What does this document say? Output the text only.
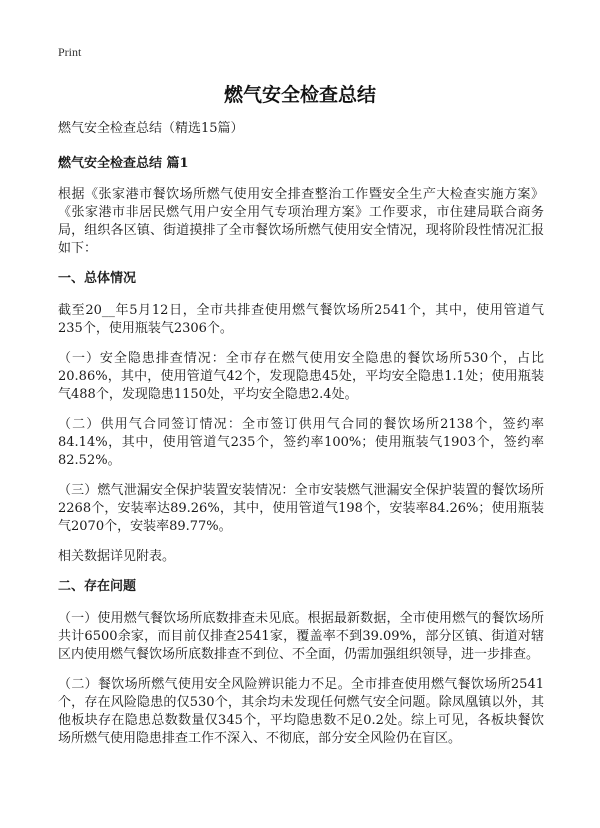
Print
燃气安全检查总结

燃气安全检查总结（精选15篇）

燃气安全检查总结 篇1

根据《张家港市餐饮场所燃气使用安全排查整治工作暨安全生产大检查实施方案》《张家港市非居民燃气用户安全用气专项治理方案》工作要求，市住建局联合商务局，组织各区镇、街道摸排了全市餐饮场所燃气使用安全情况，现将阶段性情况汇报如下：

一、总体情况

截至20__年5月12日，全市共排查使用燃气餐饮场所2541个，其中，使用管道气235个，使用瓶装气2306个。

（一）安全隐患排查情况：全市存在燃气使用安全隐患的餐饮场所530个，占比20.86%，其中，使用管道气42个，发现隐患45处，平均安全隐患1.1处；使用瓶装气488个，发现隐患1150处，平均安全隐患2.4处。

（二）供用气合同签订情况：全市签订供用气合同的餐饮场所2138个，签约率84.14%，其中，使用管道气235个，签约率100%；使用瓶装气1903个，签约率82.52%。

（三）燃气泄漏安全保护装置安装情况：全市安装燃气泄漏安全保护装置的餐饮场所2268个，安装率达89.26%，其中，使用管道气198个，安装率84.26%；使用瓶装气2070个，安装率89.77%。

相关数据详见附表。

二、存在问题

（一）使用燃气餐饮场所底数排查未见底。根据最新数据，全市使用燃气的餐饮场所共计6500余家，而目前仅排查2541家，覆盖率不到39.09%，部分区镇、街道对辖区内使用燃气餐饮场所底数排查不到位、不全面，仍需加强组织领导，进一步排查。

（二）餐饮场所燃气使用安全风险辨识能力不足。全市排查使用燃气餐饮场所2541个，存在风险隐患的仅530个，其余均未发现任何燃气安全问题。除凤凰镇以外，其他板块存在隐患总数数量仅345个，平均隐患数不足0.2处。综上可见，各板块餐饮场所燃气使用隐患排查工作不深入、不彻底，部分安全风险仍在盲区。
